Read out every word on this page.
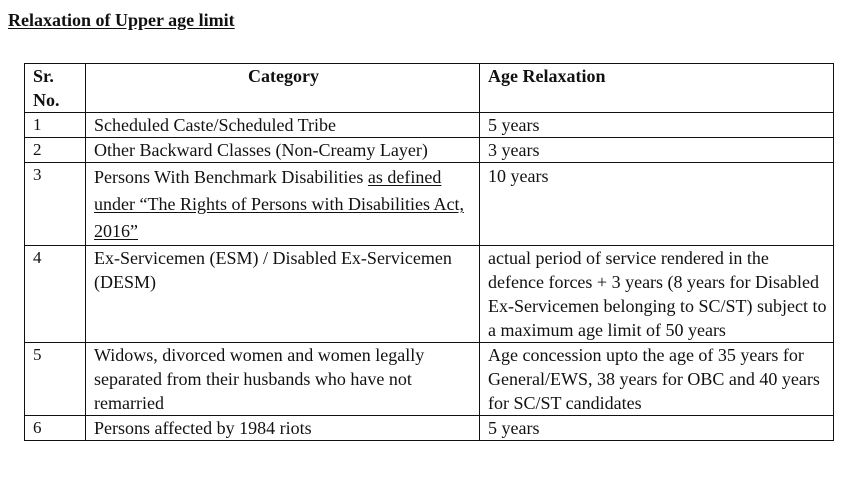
Relaxation of Upper age limit
Sr. No.	Category	Age Relaxation
1	Scheduled Caste/Scheduled Tribe	5 years
2	Other Backward Classes (Non-Creamy Layer)	3 years
3	Persons With Benchmark Disabilities as defined under “The Rights of Persons with Disabilities Act, 2016”	10 years
4	Ex-Servicemen (ESM) / Disabled Ex-Servicemen (DESM)	actual period of service rendered in the defence forces + 3 years (8 years for Disabled Ex-Servicemen belonging to SC/ST) subject to a maximum age limit of 50 years
5	Widows, divorced women and women legally separated from their husbands who have not remarried	Age concession upto the age of 35 years for General/EWS, 38 years for OBC and 40 years for SC/ST candidates
6	Persons affected by 1984 riots	5 years
